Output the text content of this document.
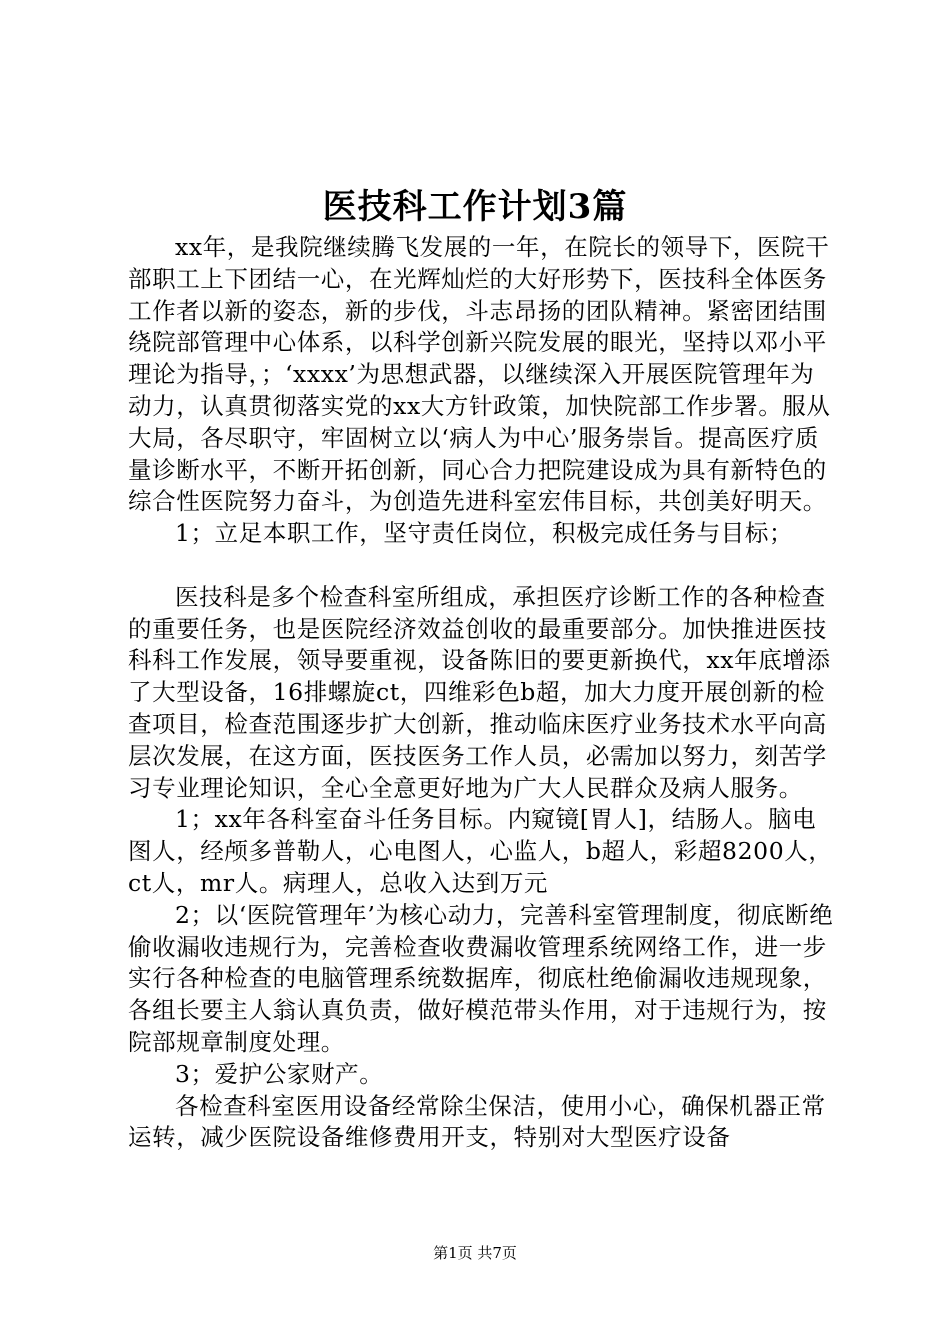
医技科工作计划3篇

xx年，是我院继续腾飞发展的一年，在院长的领导下，医院干部职工上下团结一心，在光辉灿烂的大好形势下，医技科全体医务工作者以新的姿态，新的步伐，斗志昂扬的团队精神。紧密团结围绕院部管理中心体系，以科学创新兴院发展的眼光，坚持以邓小平理论为指导，；‘xxxx’为思想武器，以继续深入开展医院管理年为动力，认真贯彻落实党的xx大方针政策，加快院部工作步署。服从大局，各尽职守，牢固树立以‘病人为中心’服务崇旨。提高医疗质量诊断水平，不断开拓创新，同心合力把院建设成为具有新特色的综合性医院努力奋斗，为创造先进科室宏伟目标，共创美好明天。

1；立足本职工作，坚守责任岗位，积极完成任务与目标；

医技科是多个检查科室所组成，承担医疗诊断工作的各种检查的重要任务，也是医院经济效益创收的最重要部分。加快推进医技科科工作发展，领导要重视，设备陈旧的要更新换代，xx年底增添了大型设备，16排螺旋ct，四维彩色b超，加大力度开展创新的检查项目，检查范围逐步扩大创新，推动临床医疗业务技术水平向高层次发展，在这方面，医技医务工作人员，必需加以努力，刻苦学习专业理论知识，全心全意更好地为广大人民群众及病人服务。

1；xx年各科室奋斗任务目标。内窥镜[胃人]，结肠人。脑电图人，经颅多普勒人，心电图人，心监人，b超人，彩超8200人，ct人，mr人。病理人，总收入达到万元

2；以‘医院管理年’为核心动力，完善科室管理制度，彻底断绝偷收漏收违规行为，完善检查收费漏收管理系统网络工作，进一步实行各种检查的电脑管理系统数据库，彻底杜绝偷漏收违规现象，各组长要主人翁认真负责，做好模范带头作用，对于违规行为，按院部规章制度处理。

3；爱护公家财产。

各检查科室医用设备经常除尘保洁，使用小心，确保机器正常运转，减少医院设备维修费用开支，特别对大型医疗设备

第1页 共7页
